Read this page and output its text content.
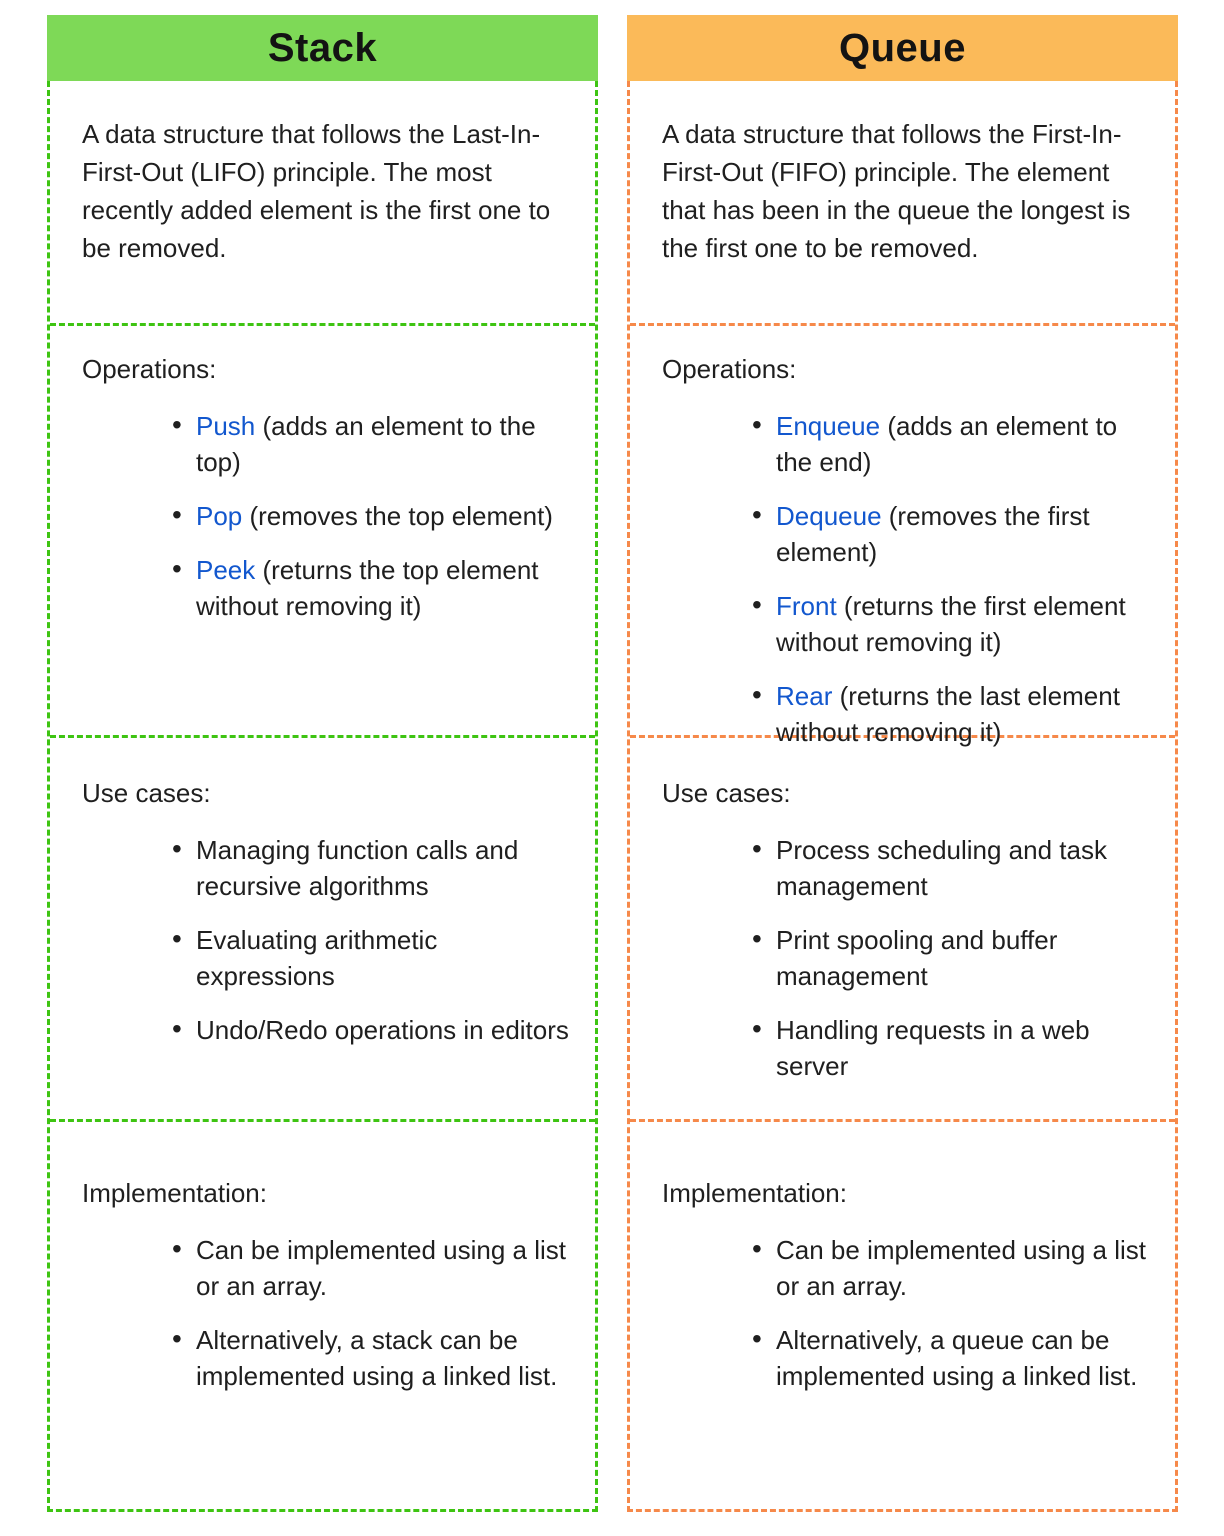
Stack

A data structure that follows the Last-In-First-Out (LIFO) principle. The most recently added element is the first one to be removed.

Operations:

• Push (adds an element to the top)
• Pop (removes the top element)
• Peek (returns the top element without removing it)

Use cases:

• Managing function calls and recursive algorithms
• Evaluating arithmetic expressions
• Undo/Redo operations in editors

Implementation:

• Can be implemented using a list or an array.
• Alternatively, a stack can be implemented using a linked list.
Queue

A data structure that follows the First-In-First-Out (FIFO) principle. The element that has been in the queue the longest is the first one to be removed.

Operations:

• Enqueue (adds an element to the end)
• Dequeue (removes the first element)
• Front (returns the first element without removing it)
• Rear (returns the last element without removing it)

Use cases:

• Process scheduling and task management
• Print spooling and buffer management
• Handling requests in a web server

Implementation:

• Can be implemented using a list or an array.
• Alternatively, a queue can be implemented using a linked list.
